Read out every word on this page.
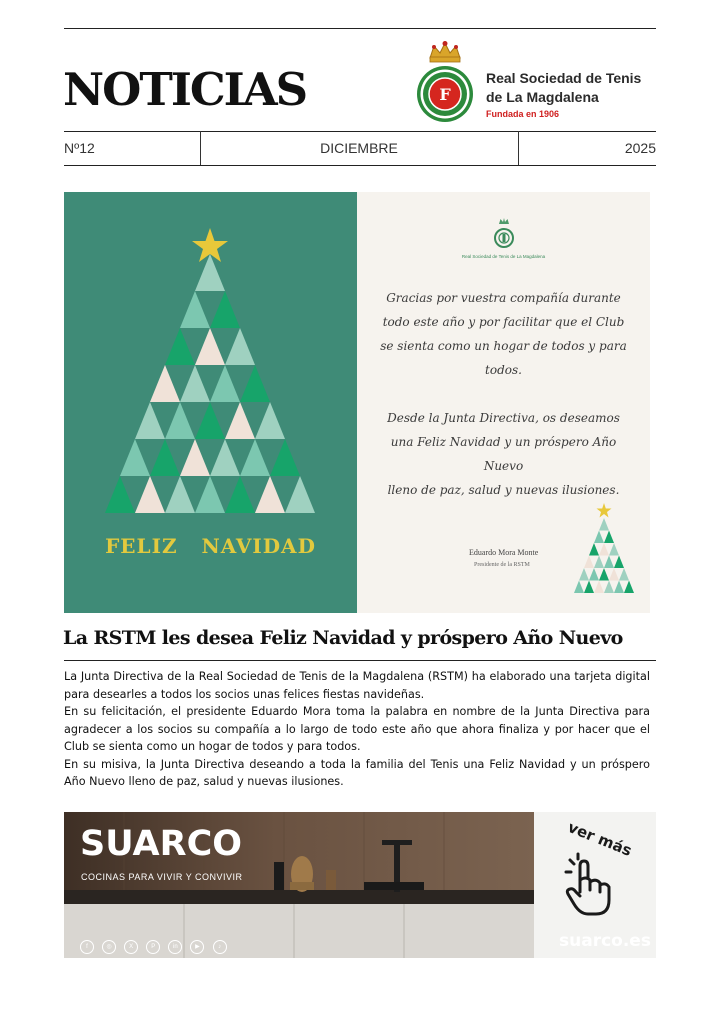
NOTICIAS	F
Real Sociedad de Tenis
de La Magdalena
Fundada en 1906
Nº12	DICIEMBRE	2025
FELIZ NAVIDAD
Real Sociedad de Tenis de La Magdalena
Gracias por vuestra compañía durante
todo este año y por facilitar que el Club
se sienta como un hogar de todos y para todos.
Desde la Junta Directiva, os deseamos
una Feliz Navidad y un próspero Año Nuevo
lleno de paz, salud y nuevas ilusiones.
Eduardo Mora Monte
Presidente de la RSTM
La RSTM les desea Feliz Navidad y próspero Año Nuevo

La Junta Directiva de la Real Sociedad de Tenis de la Magdalena (RSTM) ha elaborado una tarjeta digital para desearles a todos los socios unas felices fiestas navideñas.

En su felicitación, el presidente Eduardo Mora toma la palabra en nombre de la Junta Directiva para agradecer a los socios su compañía a lo largo de todo este año que ahora finaliza y por hacer que el Club se sienta como un hogar de todos y para todos.

En su misiva, la Junta Directiva deseando a toda la familia del Tenis una Feliz Navidad y un próspero Año Nuevo lleno de paz, salud y nuevas ilusiones.

SUARCO
COCINAS PARA VIVIR Y CONVIVIR
f	◎	X	P	in	▶	♪
ver más
suarco.es
